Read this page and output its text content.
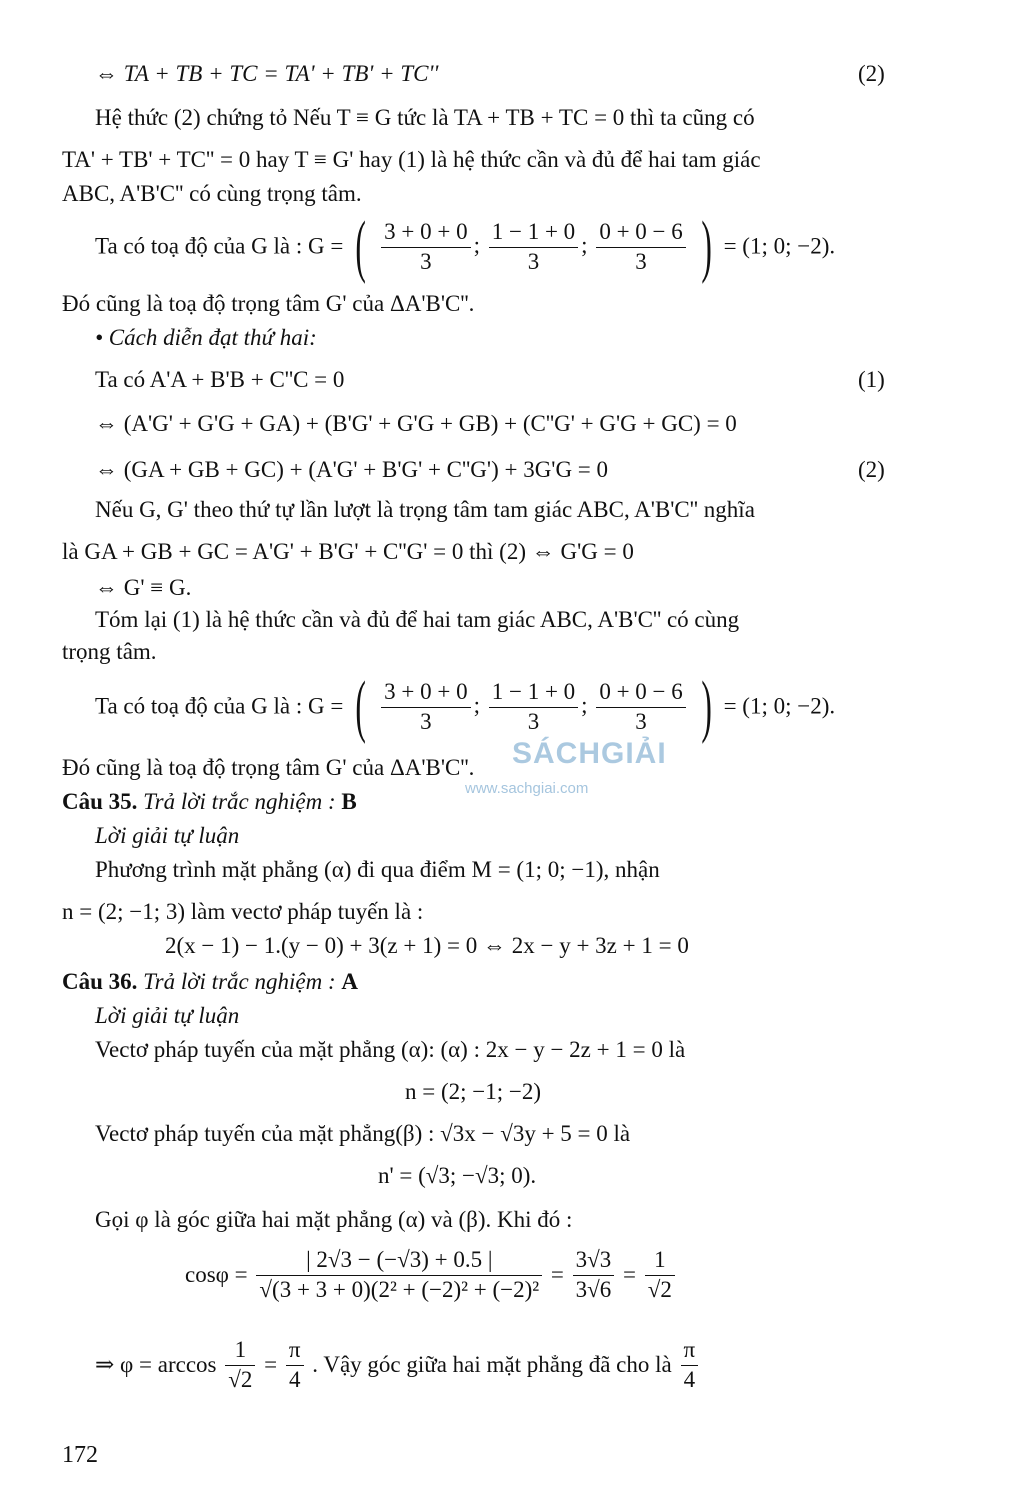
⇔ TA + TB + TC = TA' + TB' + TC''	(2)
Hệ thức (2) chứng tỏ Nếu T ≡ G tức là TA + TB + TC = 0 thì ta cũng có
TA' + TB' + TC'' = 0 hay T ≡ G' hay (1) là hệ thức cần và đủ để hai tam giác
ABC, A'B'C'' có cùng trọng tâm.
Ta có toạ độ của G là : G = ( $\frac{3 + 0 + 0}{3}$ ; $\frac{1 - 1 + 0}{3}$ ; $\frac{0 + 0 - 6}{3}$ ) = (1; 0; −2).
Đó cũng là toạ độ trọng tâm G' của ΔA'B'C''.
• Cách diễn đạt thứ hai:
Ta có A'A + B'B + C''C = 0	(1)
⇔ (A'G' + G'G + GA) + (B'G' + G'G + GB) + (C''G' + G'G + GC) = 0
⇔ (GA + GB + GC) + (A'G' + B'G' + C''G') + 3G'G = 0	(2)
Nếu G, G' theo thứ tự lần lượt là trọng tâm tam giác ABC, A'B'C'' nghĩa
là GA + GB + GC = A'G' + B'G' + C''G' = 0 thì (2) ⇔ G'G = 0
⇔ G' ≡ G.
Tóm lại (1) là hệ thức cần và đủ để hai tam giác ABC, A'B'C'' có cùng
trọng tâm.
Ta có toạ độ của G là : G = ( $\frac{3 + 0 + 0}{3}$ ; $\frac{1 - 1 + 0}{3}$ ; $\frac{0 + 0 - 6}{3}$ ) = (1; 0; −2).
SÁCHGIẢI
www.sachgiai.com
Đó cũng là toạ độ trọng tâm G' của ΔA'B'C''.
Câu 35. Trả lời trắc nghiệm : B
Lời giải tự luận
Phương trình mặt phẳng (α) đi qua điểm M = (1; 0; −1), nhận
n = (2; −1; 3) làm vectơ pháp tuyến là :
2(x − 1) − 1.(y − 0) + 3(z + 1) = 0 ⇔ 2x − y + 3z + 1 = 0
Câu 36. Trả lời trắc nghiệm : A
Lời giải tự luận
Vectơ pháp tuyến của mặt phẳng (α): (α) : 2x − y − 2z + 1 = 0 là
n = (2; −1; −2)
Vectơ pháp tuyến của mặt phẳng(β) : √3x − √3y + 5 = 0 là
n' = (√3; −√3; 0).
Gọi φ là góc giữa hai mặt phẳng (α) và (β). Khi đó :
$\cos\varphi = \frac{| 2√3 - (-√3) + 0.5 |}{\text{√(3 + 3 + 0)(2² + (−2)² + (−2)²}} = \frac{3√3}{3√6} = \frac{1}{√2}$
⇒ $\varphi = \arccos \frac{1}{√2} = \frac{\pi}{4}$ . Vậy góc giữa hai mặt phẳng đã cho là $\frac{\pi}{4}$
172
